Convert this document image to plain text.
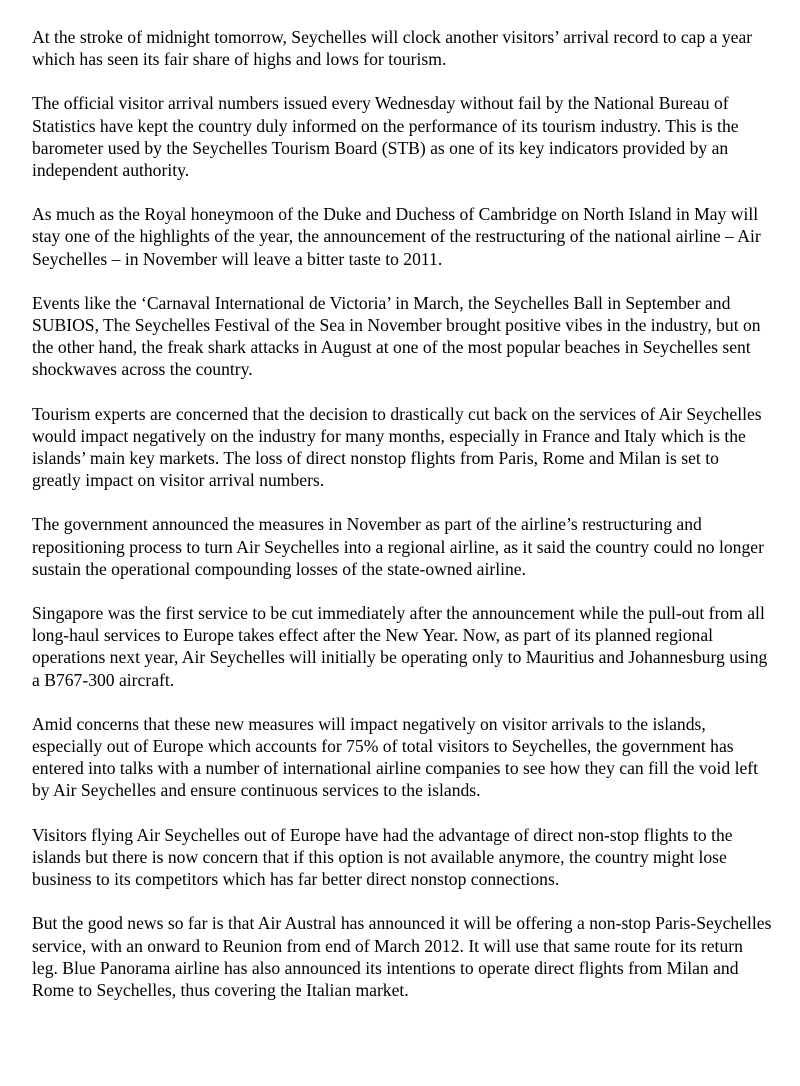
At the stroke of midnight tomorrow, Seychelles will clock another visitors’ arrival record to cap a year which has seen its fair share of highs and lows for tourism.

The official visitor arrival numbers issued every Wednesday without fail by the National Bureau of Statistics have kept the country duly informed on the performance of its tourism industry. This is the barometer used by the Seychelles Tourism Board (STB) as one of its key indicators provided by an independent authority.

As much as the Royal honeymoon of the Duke and Duchess of Cambridge on North Island in May will stay one of the highlights of the year, the announcement of the restructuring of the national airline – Air Seychelles – in November will leave a bitter taste to 2011.

Events like the ‘Carnaval International de Victoria’ in March, the Seychelles Ball in September and SUBIOS, The Seychelles Festival of the Sea in November brought positive vibes in the industry, but on the other hand, the freak shark attacks in August at one of the most popular beaches in Seychelles sent shockwaves across the country.

Tourism experts are concerned that the decision to drastically cut back on the services of Air Seychelles would impact negatively on the industry for many months, especially in France and Italy which is the islands’ main key markets. The loss of direct nonstop flights from Paris, Rome and Milan is set to greatly impact on visitor arrival numbers.

The government announced the measures in November as part of the airline’s restructuring and repositioning process to turn Air Seychelles into a regional airline, as it said the country could no longer sustain the operational compounding losses of the state-owned airline.

Singapore was the first service to be cut immediately after the announcement while the pull-out from all long-haul services to Europe takes effect after the New Year. Now, as part of its planned regional operations next year, Air Seychelles will initially be operating only to Mauritius and Johannesburg using a B767-300 aircraft.

Amid concerns that these new measures will impact negatively on visitor arrivals to the islands, especially out of Europe which accounts for 75% of total visitors to Seychelles, the government has entered into talks with a number of international airline companies to see how they can fill the void left by Air Seychelles and ensure continuous services to the islands.

Visitors flying Air Seychelles out of Europe have had the advantage of direct non-stop flights to the islands but there is now concern that if this option is not available anymore, the country might lose business to its competitors which has far better direct nonstop connections.

But the good news so far is that Air Austral has announced it will be offering a non-stop Paris-Seychelles service, with an onward to Reunion from end of March 2012. It will use that same route for its return leg. Blue Panorama airline has also announced its intentions to operate direct flights from Milan and Rome to Seychelles, thus covering the Italian market.
